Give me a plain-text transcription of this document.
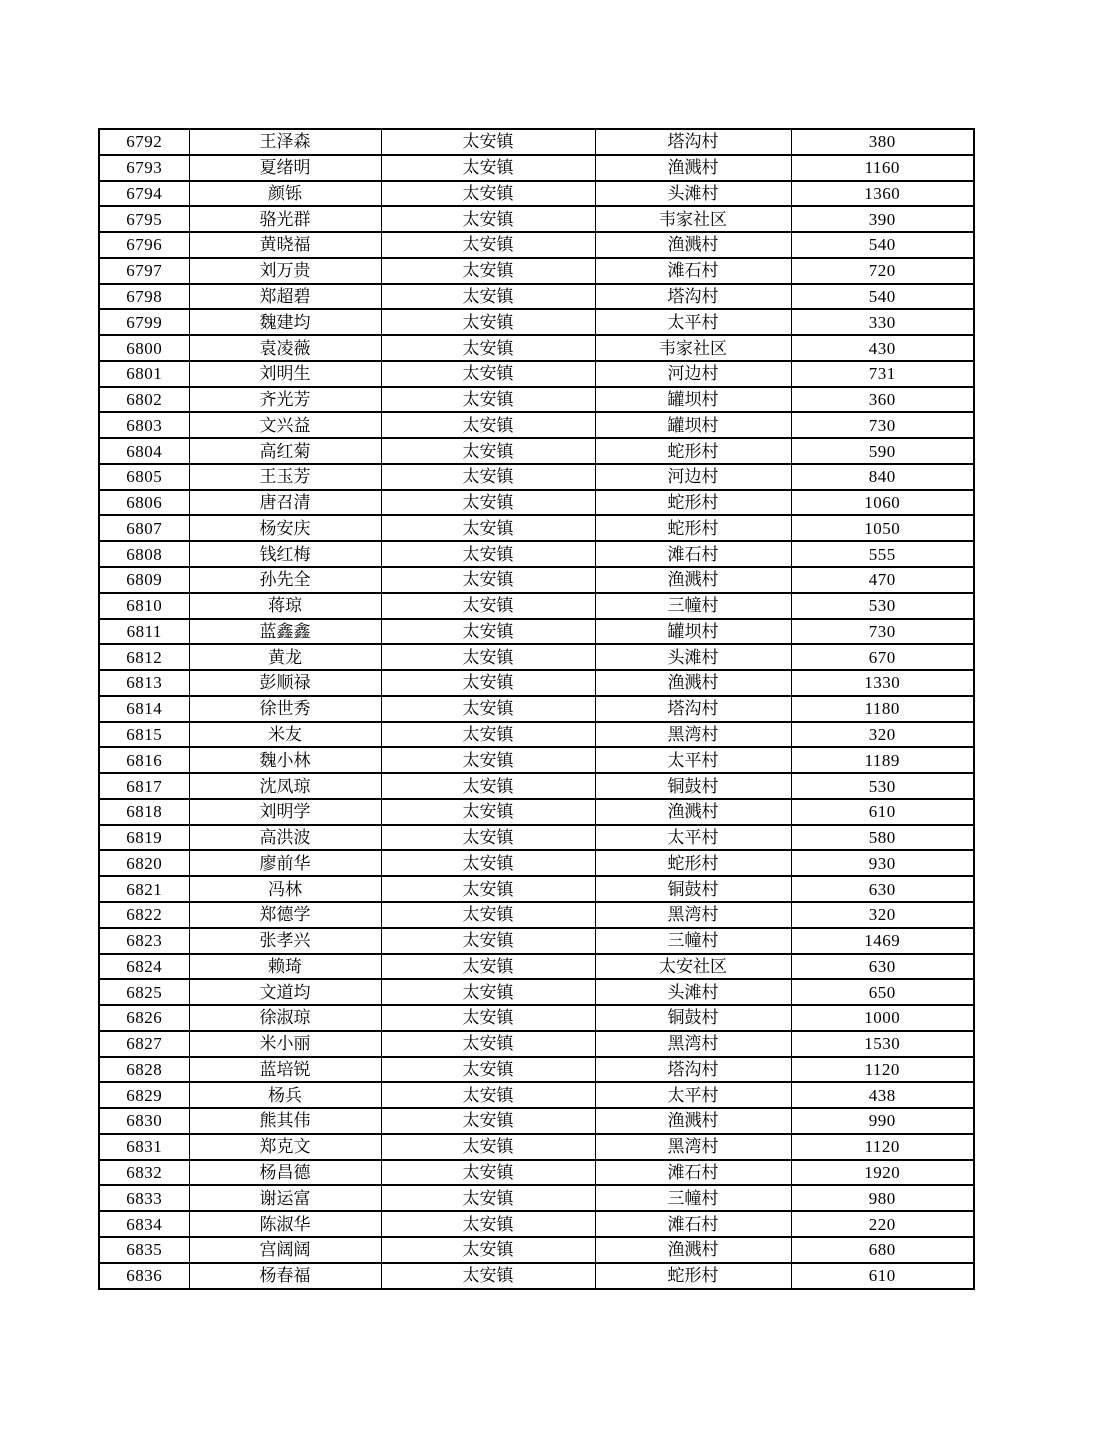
6792	王泽森	太安镇	塔沟村	380
6793	夏绪明	太安镇	渔溅村	1160
6794	颜铄	太安镇	头滩村	1360
6795	骆光群	太安镇	韦家社区	390
6796	黄晓福	太安镇	渔溅村	540
6797	刘万贵	太安镇	滩石村	720
6798	郑超碧	太安镇	塔沟村	540
6799	魏建均	太安镇	太平村	330
6800	袁凌薇	太安镇	韦家社区	430
6801	刘明生	太安镇	河边村	731
6802	齐光芳	太安镇	罐坝村	360
6803	文兴益	太安镇	罐坝村	730
6804	高红菊	太安镇	蛇形村	590
6805	王玉芳	太安镇	河边村	840
6806	唐召清	太安镇	蛇形村	1060
6807	杨安庆	太安镇	蛇形村	1050
6808	钱红梅	太安镇	滩石村	555
6809	孙先全	太安镇	渔溅村	470
6810	蒋琼	太安镇	三幢村	530
6811	蓝鑫鑫	太安镇	罐坝村	730
6812	黄龙	太安镇	头滩村	670
6813	彭顺禄	太安镇	渔溅村	1330
6814	徐世秀	太安镇	塔沟村	1180
6815	米友	太安镇	黑湾村	320
6816	魏小林	太安镇	太平村	1189
6817	沈凤琼	太安镇	铜鼓村	530
6818	刘明学	太安镇	渔溅村	610
6819	高洪波	太安镇	太平村	580
6820	廖前华	太安镇	蛇形村	930
6821	冯林	太安镇	铜鼓村	630
6822	郑德学	太安镇	黑湾村	320
6823	张孝兴	太安镇	三幢村	1469
6824	赖琦	太安镇	太安社区	630
6825	文道均	太安镇	头滩村	650
6826	徐淑琼	太安镇	铜鼓村	1000
6827	米小丽	太安镇	黑湾村	1530
6828	蓝培锐	太安镇	塔沟村	1120
6829	杨兵	太安镇	太平村	438
6830	熊其伟	太安镇	渔溅村	990
6831	郑克文	太安镇	黑湾村	1120
6832	杨昌德	太安镇	滩石村	1920
6833	谢运富	太安镇	三幢村	980
6834	陈淑华	太安镇	滩石村	220
6835	宫阔阔	太安镇	渔溅村	680
6836	杨春福	太安镇	蛇形村	610
